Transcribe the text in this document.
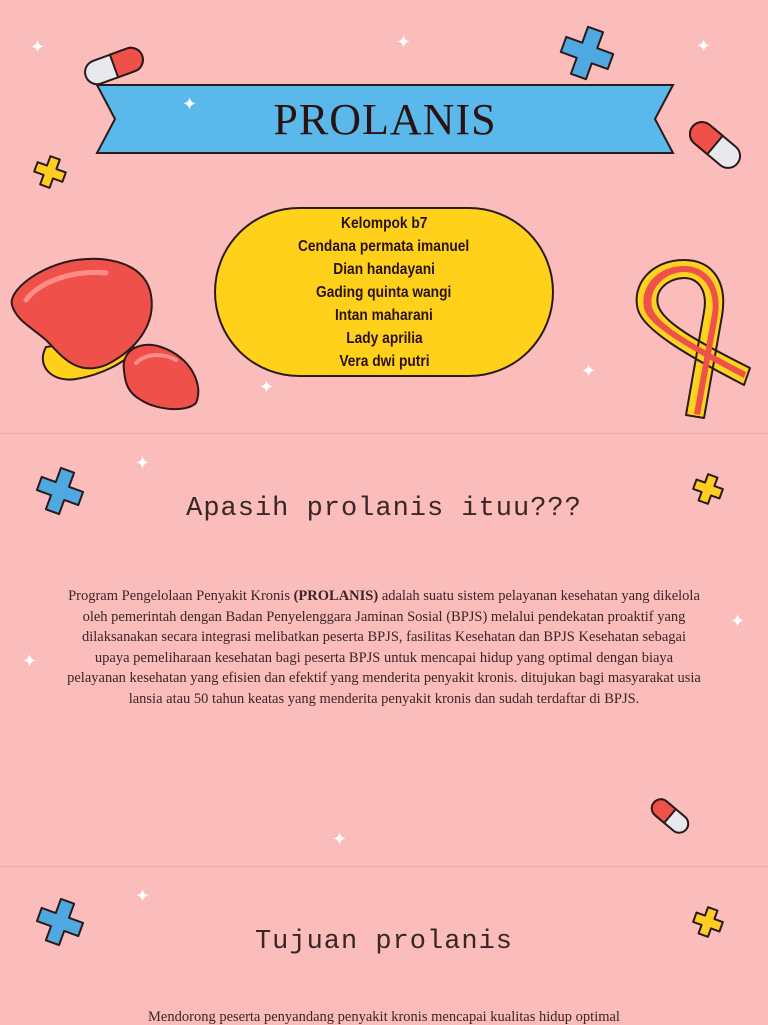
PROLANIS
Kelompok b7
Cendana permata imanuel
Dian handayani
Gading quinta wangi
Intan maharani
Lady aprilia
Vera dwi putri
✦	✦	✦
✦
✦
✦
Apasih prolanis ituu???

Program Pengelolaan Penyakit Kronis (PROLANIS) adalah suatu sistem pelayanan kesehatan yang dikelola oleh pemerintah dengan Badan Penyelenggara Jaminan Sosial (BPJS) melalui pendekatan proaktif yang dilaksanakan secara integrasi melibatkan peserta BPJS, fasilitas Kesehatan dan BPJS Kesehatan sebagai upaya pemeliharaan kesehatan bagi peserta BPJS untuk mencapai hidup yang optimal dengan biaya pelayanan kesehatan yang efisien dan efektif yang menderita penyakit kronis. ditujukan bagi masyarakat usia lansia atau 50 tahun keatas yang menderita penyakit kronis dan sudah terdaftar di BPJS.

✦
✦
✦
✦
Tujuan prolanis

Mendorong peserta penyandang penyakit kronis mencapai kualitas hidup optimal

✦
